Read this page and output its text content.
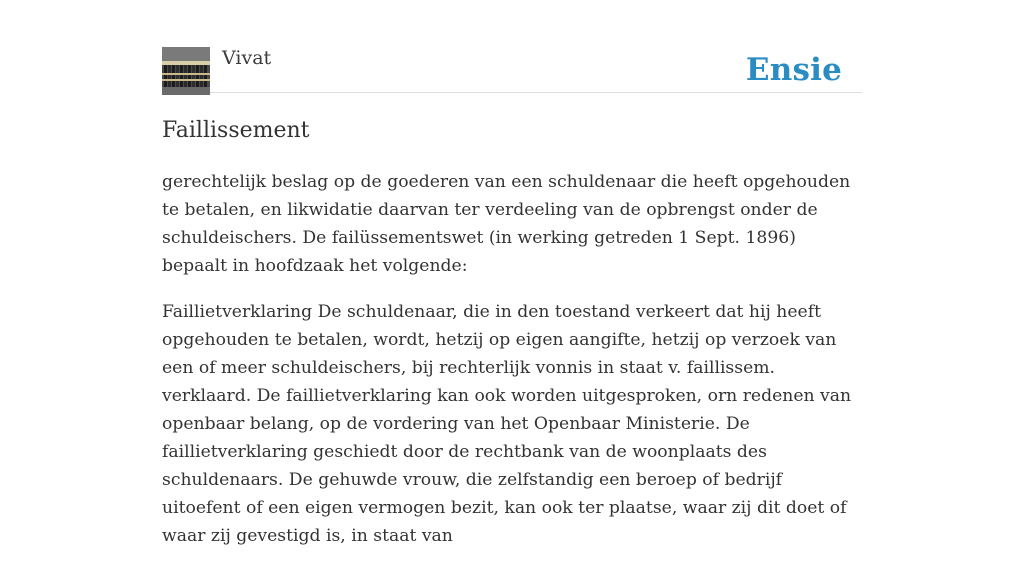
Vivat	Ensie
Faillissement

gerechtelijk beslag op de goederen van een schuldenaar die heeft opgehouden te betalen, en likwidatie daarvan ter verdeeling van de opbrengst onder de schuldeischers. De failüssementswet (in werking getreden 1 Sept. 1896) bepaalt in hoofdzaak het volgende:

Faillietverklaring De schuldenaar, die in den toestand verkeert dat hij heeft opgehouden te betalen, wordt, hetzij op eigen aangifte, hetzij op verzoek van een of meer schuldeischers, bij rechterlijk vonnis in staat v. faillissem. verklaard. De faillietverklaring kan ook worden uitgesproken, orn redenen van openbaar belang, op de vordering van het Openbaar Ministerie. De faillietverklaring geschiedt door de rechtbank van de woonplaats des schuldenaars. De gehuwde vrouw, die zelfstandig een beroep of bedrijf uitoefent of een eigen vermogen bezit, kan ook ter plaatse, waar zij dit doet of waar zij gevestigd is, in staat van
